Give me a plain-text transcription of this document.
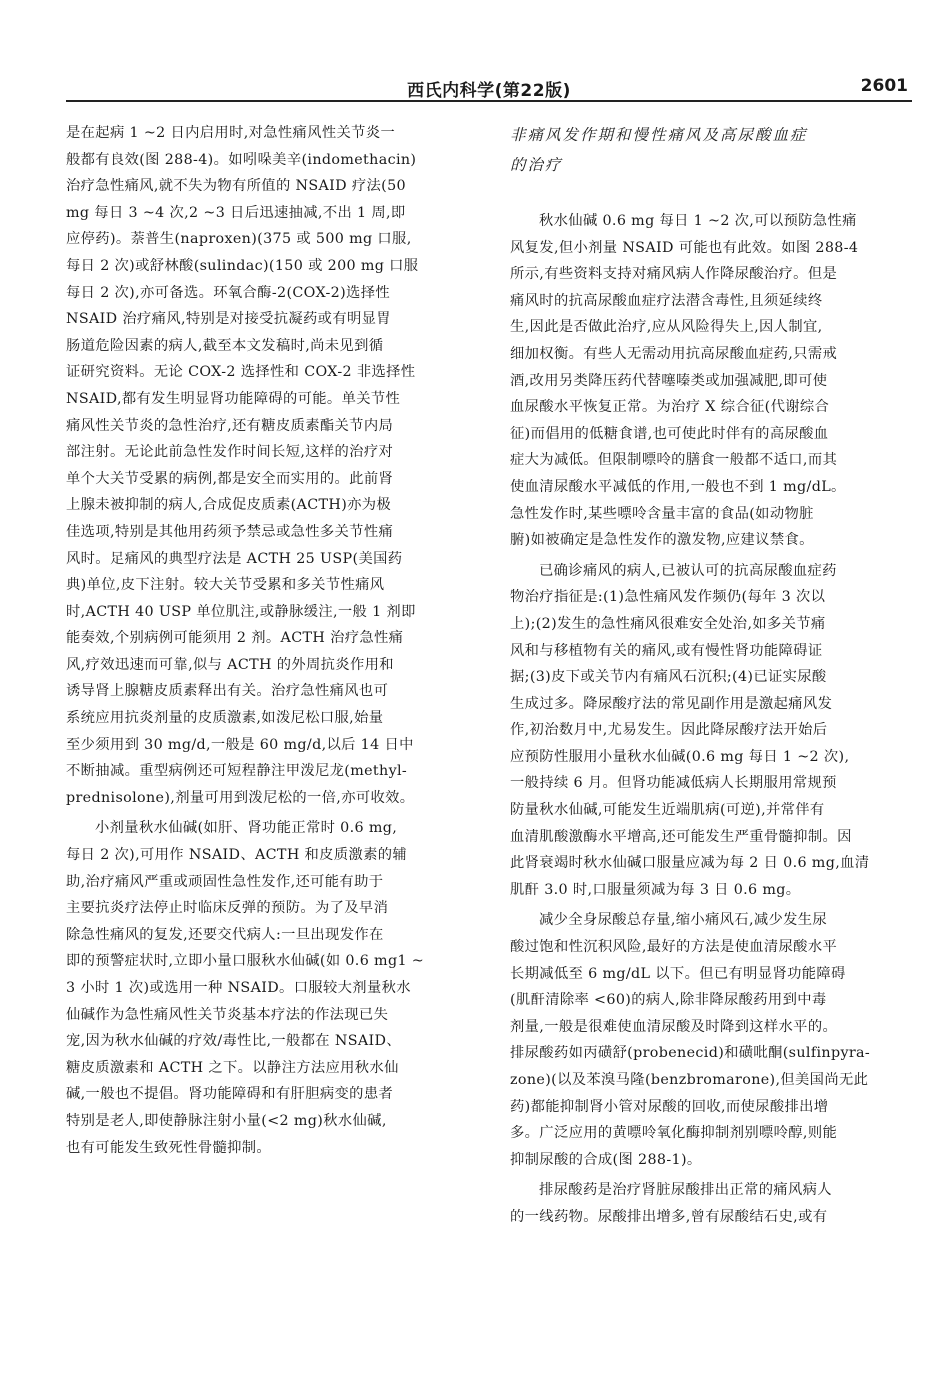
西氏内科学(第22版)	2601
是在起病 1 ~2 日内启用时,对急性痛风性关节炎一
般都有良效(图 288-4)。如吲哚美辛(indomethacin)
治疗急性痛风,就不失为物有所值的 NSAID 疗法(50
mg 每日 3 ~4 次,2 ~3 日后迅速抽减,不出 1 周,即
应停药)。萘普生(naproxen)(375 或 500 mg 口服,
每日 2 次)或舒林酸(sulindac)(150 或 200 mg 口服
每日 2 次),亦可备选。环氧合酶-2(COX-2)选择性
NSAID 治疗痛风,特别是对接受抗凝药或有明显胃
肠道危险因素的病人,截至本文发稿时,尚未见到循
证研究资料。无论 COX-2 选择性和 COX-2 非选择性
NSAID,都有发生明显肾功能障碍的可能。单关节性
痛风性关节炎的急性治疗,还有糖皮质素酯关节内局
部注射。无论此前急性发作时间长短,这样的治疗对
单个大关节受累的病例,都是安全而实用的。此前肾
上腺未被抑制的病人,合成促皮质素(ACTH)亦为极
佳选项,特别是其他用药须予禁忌或急性多关节性痛
风时。足痛风的典型疗法是 ACTH 25 USP(美国药
典)单位,皮下注射。较大关节受累和多关节性痛风
时,ACTH 40 USP 单位肌注,或静脉缓注,一般 1 剂即
能奏效,个别病例可能须用 2 剂。ACTH 治疗急性痛
风,疗效迅速而可靠,似与 ACTH 的外周抗炎作用和
诱导肾上腺糖皮质素释出有关。治疗急性痛风也可
系统应用抗炎剂量的皮质激素,如泼尼松口服,始量
至少须用到 30 mg/d,一般是 60 mg/d,以后 14 日中
不断抽减。重型病例还可短程静注甲泼尼龙(methyl-
prednisolone),剂量可用到泼尼松的一倍,亦可收效。
小剂量秋水仙碱(如肝、肾功能正常时 0.6 mg,
每日 2 次),可用作 NSAID、ACTH 和皮质激素的辅
助,治疗痛风严重或顽固性急性发作,还可能有助于
主要抗炎疗法停止时临床反弹的预防。为了及早消
除急性痛风的复发,还要交代病人:一旦出现发作在
即的预警症状时,立即小量口服秋水仙碱(如 0.6 mg1 ~
3 小时 1 次)或选用一种 NSAID。口服较大剂量秋水
仙碱作为急性痛风性关节炎基本疗法的作法现已失
宠,因为秋水仙碱的疗效/毒性比,一般都在 NSAID、
糖皮质激素和 ACTH 之下。以静注方法应用秋水仙
碱,一般也不提倡。肾功能障碍和有肝胆病变的患者
特别是老人,即使静脉注射小量(<2 mg)秋水仙碱,
也有可能发生致死性骨髓抑制。
非痛风发作期和慢性痛风及高尿酸血症
的治疗
秋水仙碱 0.6 mg 每日 1 ~2 次,可以预防急性痛
风复发,但小剂量 NSAID 可能也有此效。如图 288-4
所示,有些资料支持对痛风病人作降尿酸治疗。但是
痛风时的抗高尿酸血症疗法潜含毒性,且须延续终
生,因此是否做此治疗,应从风险得失上,因人制宜,
细加权衡。有些人无需动用抗高尿酸血症药,只需戒
酒,改用另类降压药代替噻嗪类或加强减肥,即可使
血尿酸水平恢复正常。为治疗 X 综合征(代谢综合
征)而倡用的低糖食谱,也可使此时伴有的高尿酸血
症大为减低。但限制嘌呤的膳食一般都不适口,而其
使血清尿酸水平减低的作用,一般也不到 1 mg/dL。
急性发作时,某些嘌呤含量丰富的食品(如动物脏
腑)如被确定是急性发作的激发物,应建议禁食。
已确诊痛风的病人,已被认可的抗高尿酸血症药
物治疗指征是:(1)急性痛风发作频仍(每年 3 次以
上);(2)发生的急性痛风很难安全处治,如多关节痛
风和与移植物有关的痛风,或有慢性肾功能障碍证
据;(3)皮下或关节内有痛风石沉积;(4)已证实尿酸
生成过多。降尿酸疗法的常见副作用是激起痛风发
作,初治数月中,尤易发生。因此降尿酸疗法开始后
应预防性服用小量秋水仙碱(0.6 mg 每日 1 ~2 次),
一般持续 6 月。但肾功能减低病人长期服用常规预
防量秋水仙碱,可能发生近端肌病(可逆),并常伴有
血清肌酸激酶水平增高,还可能发生严重骨髓抑制。因
此肾衰竭时秋水仙碱口服量应减为每 2 日 0.6 mg,血清
肌酐 3.0 时,口服量须减为每 3 日 0.6 mg。
减少全身尿酸总存量,缩小痛风石,减少发生尿
酸过饱和性沉积风险,最好的方法是使血清尿酸水平
长期减低至 6 mg/dL 以下。但已有明显肾功能障碍
(肌酐清除率 <60)的病人,除非降尿酸药用到中毒
剂量,一般是很难使血清尿酸及时降到这样水平的。
排尿酸药如丙磺舒(probenecid)和磺吡酮(sulfinpyra-
zone)(以及苯溴马隆(benzbromarone),但美国尚无此
药)都能抑制肾小管对尿酸的回收,而使尿酸排出增
多。广泛应用的黄嘌呤氧化酶抑制剂别嘌呤醇,则能
抑制尿酸的合成(图 288-1)。
排尿酸药是治疗肾脏尿酸排出正常的痛风病人
的一线药物。尿酸排出增多,曾有尿酸结石史,或有
